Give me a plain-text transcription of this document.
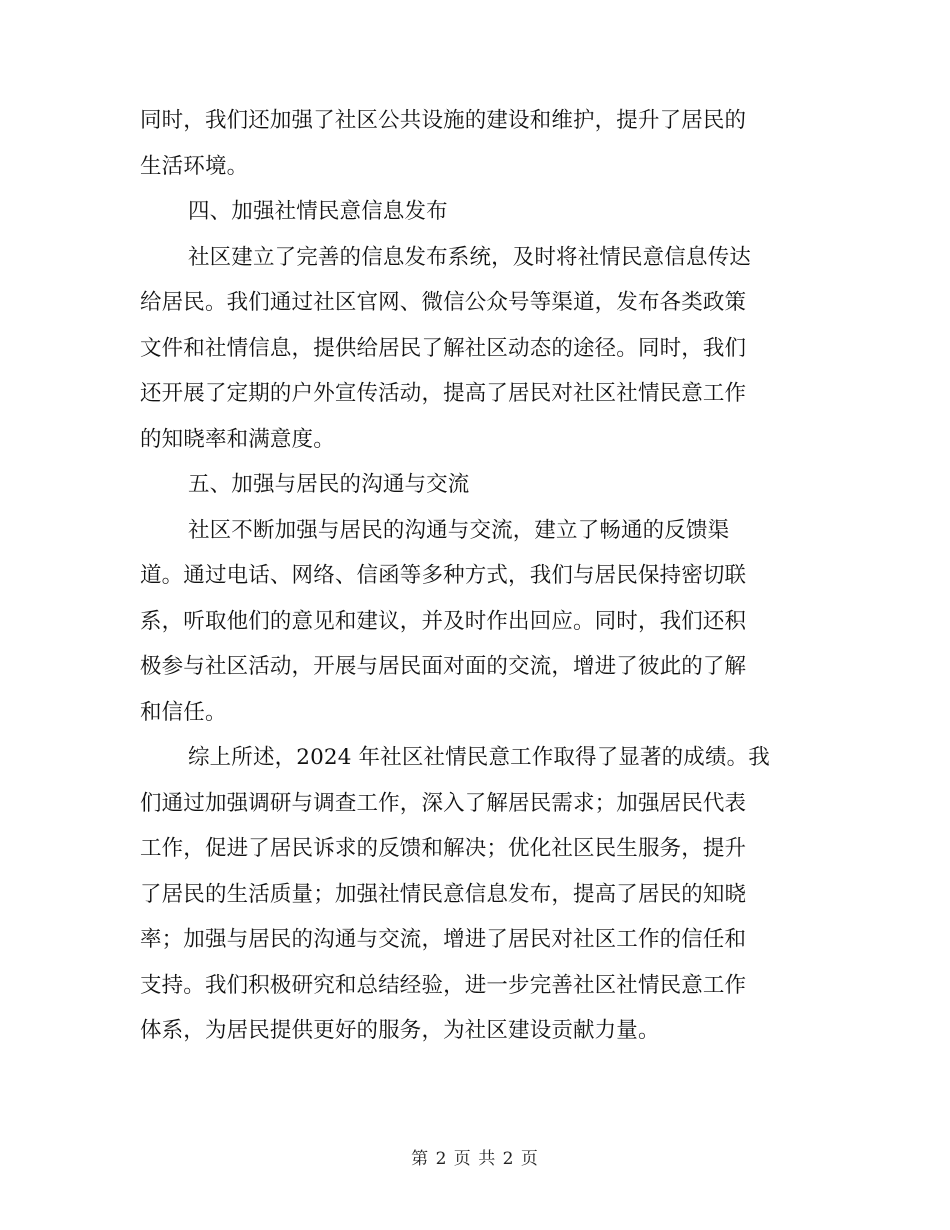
同时，我们还加强了社区公共设施的建设和维护，提升了居民的
生活环境。
四、加强社情民意信息发布
社区建立了完善的信息发布系统，及时将社情民意信息传达
给居民。我们通过社区官网、微信公众号等渠道，发布各类政策
文件和社情信息，提供给居民了解社区动态的途径。同时，我们
还开展了定期的户外宣传活动，提高了居民对社区社情民意工作
的知晓率和满意度。
五、加强与居民的沟通与交流
社区不断加强与居民的沟通与交流，建立了畅通的反馈渠
道。通过电话、网络、信函等多种方式，我们与居民保持密切联
系，听取他们的意见和建议，并及时作出回应。同时，我们还积
极参与社区活动，开展与居民面对面的交流，增进了彼此的了解
和信任。
综上所述，2024 年社区社情民意工作取得了显著的成绩。我
们通过加强调研与调查工作，深入了解居民需求；加强居民代表
工作，促进了居民诉求的反馈和解决；优化社区民生服务，提升
了居民的生活质量；加强社情民意信息发布，提高了居民的知晓
率；加强与居民的沟通与交流，增进了居民对社区工作的信任和
支持。我们积极研究和总结经验，进一步完善社区社情民意工作
体系，为居民提供更好的服务，为社区建设贡献力量。
第 2 页 共 2 页
